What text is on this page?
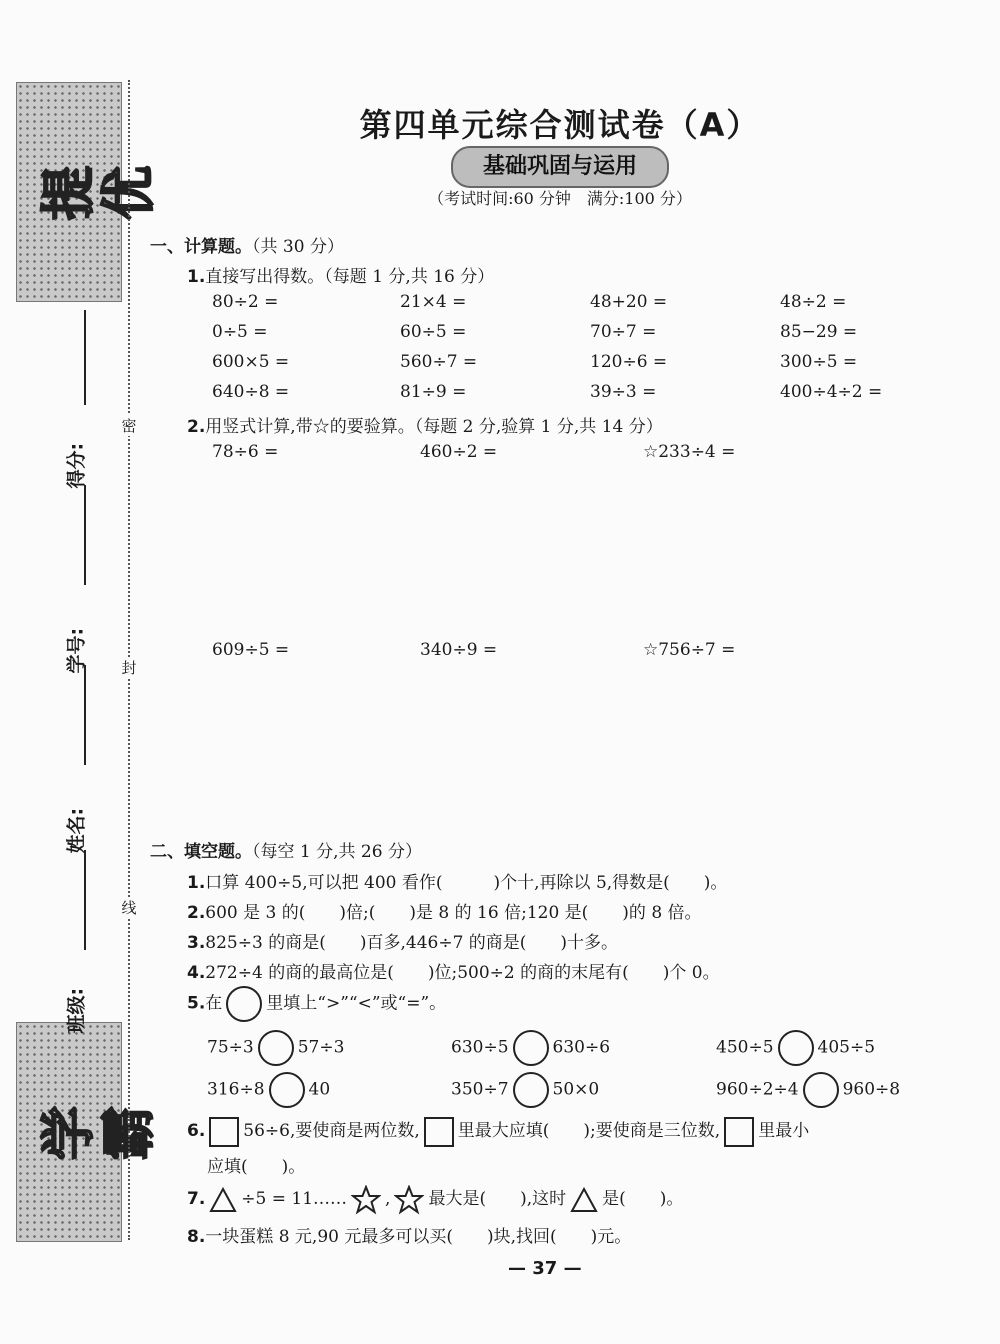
提优
学霸
得分:
学号:
姓名:
班级:
密
封
线
第四单元综合测试卷（A）
基础巩固与运用
（考试时间:60 分钟　满分:100 分）
一、计算题。（共 30 分）
1.直接写出得数。（每题 1 分,共 16 分）
80÷2 =	21×4 =	48+20 =	48÷2 =
0÷5 =	60÷5 =	70÷7 =	85−29 =
600×5 =	560÷7 =	120÷6 =	300÷5 =
640÷8 =	81÷9 =	39÷3 =	400÷4÷2 =
2.用竖式计算,带☆的要验算。（每题 2 分,验算 1 分,共 14 分）
78÷6 =	460÷2 =	☆233÷4 =
609÷5 =	340÷9 =	☆756÷7 =
二、填空题。（每空 1 分,共 26 分）
1.口算 400÷5,可以把 400 看作(　　　)个十,再除以 5,得数是(　　)。
2.600 是 3 的(　　)倍;(　　)是 8 的 16 倍;120 是(　　)的 8 倍。
3.825÷3 的商是(　　)百多,446÷7 的商是(　　)十多。
4.272÷4 的商的最高位是(　　)位;500÷2 的商的末尾有(　　)个 0。
5.在	里填上“>”“<”或“=”。
75÷3	57÷3	630÷5	630÷6	450÷5	405÷5
316÷8	40	350÷7	50×0	960÷2÷4	960÷8
6. 56÷6,要使商是两位数, 里最大应填(　　);要使商是三位数, 里最小
应填(　　)。
7. ÷5 = 11…… , 最大是(　　),这时 是(　　)。
8.一块蛋糕 8 元,90 元最多可以买(　　)块,找回(　　)元。
— 37 —
